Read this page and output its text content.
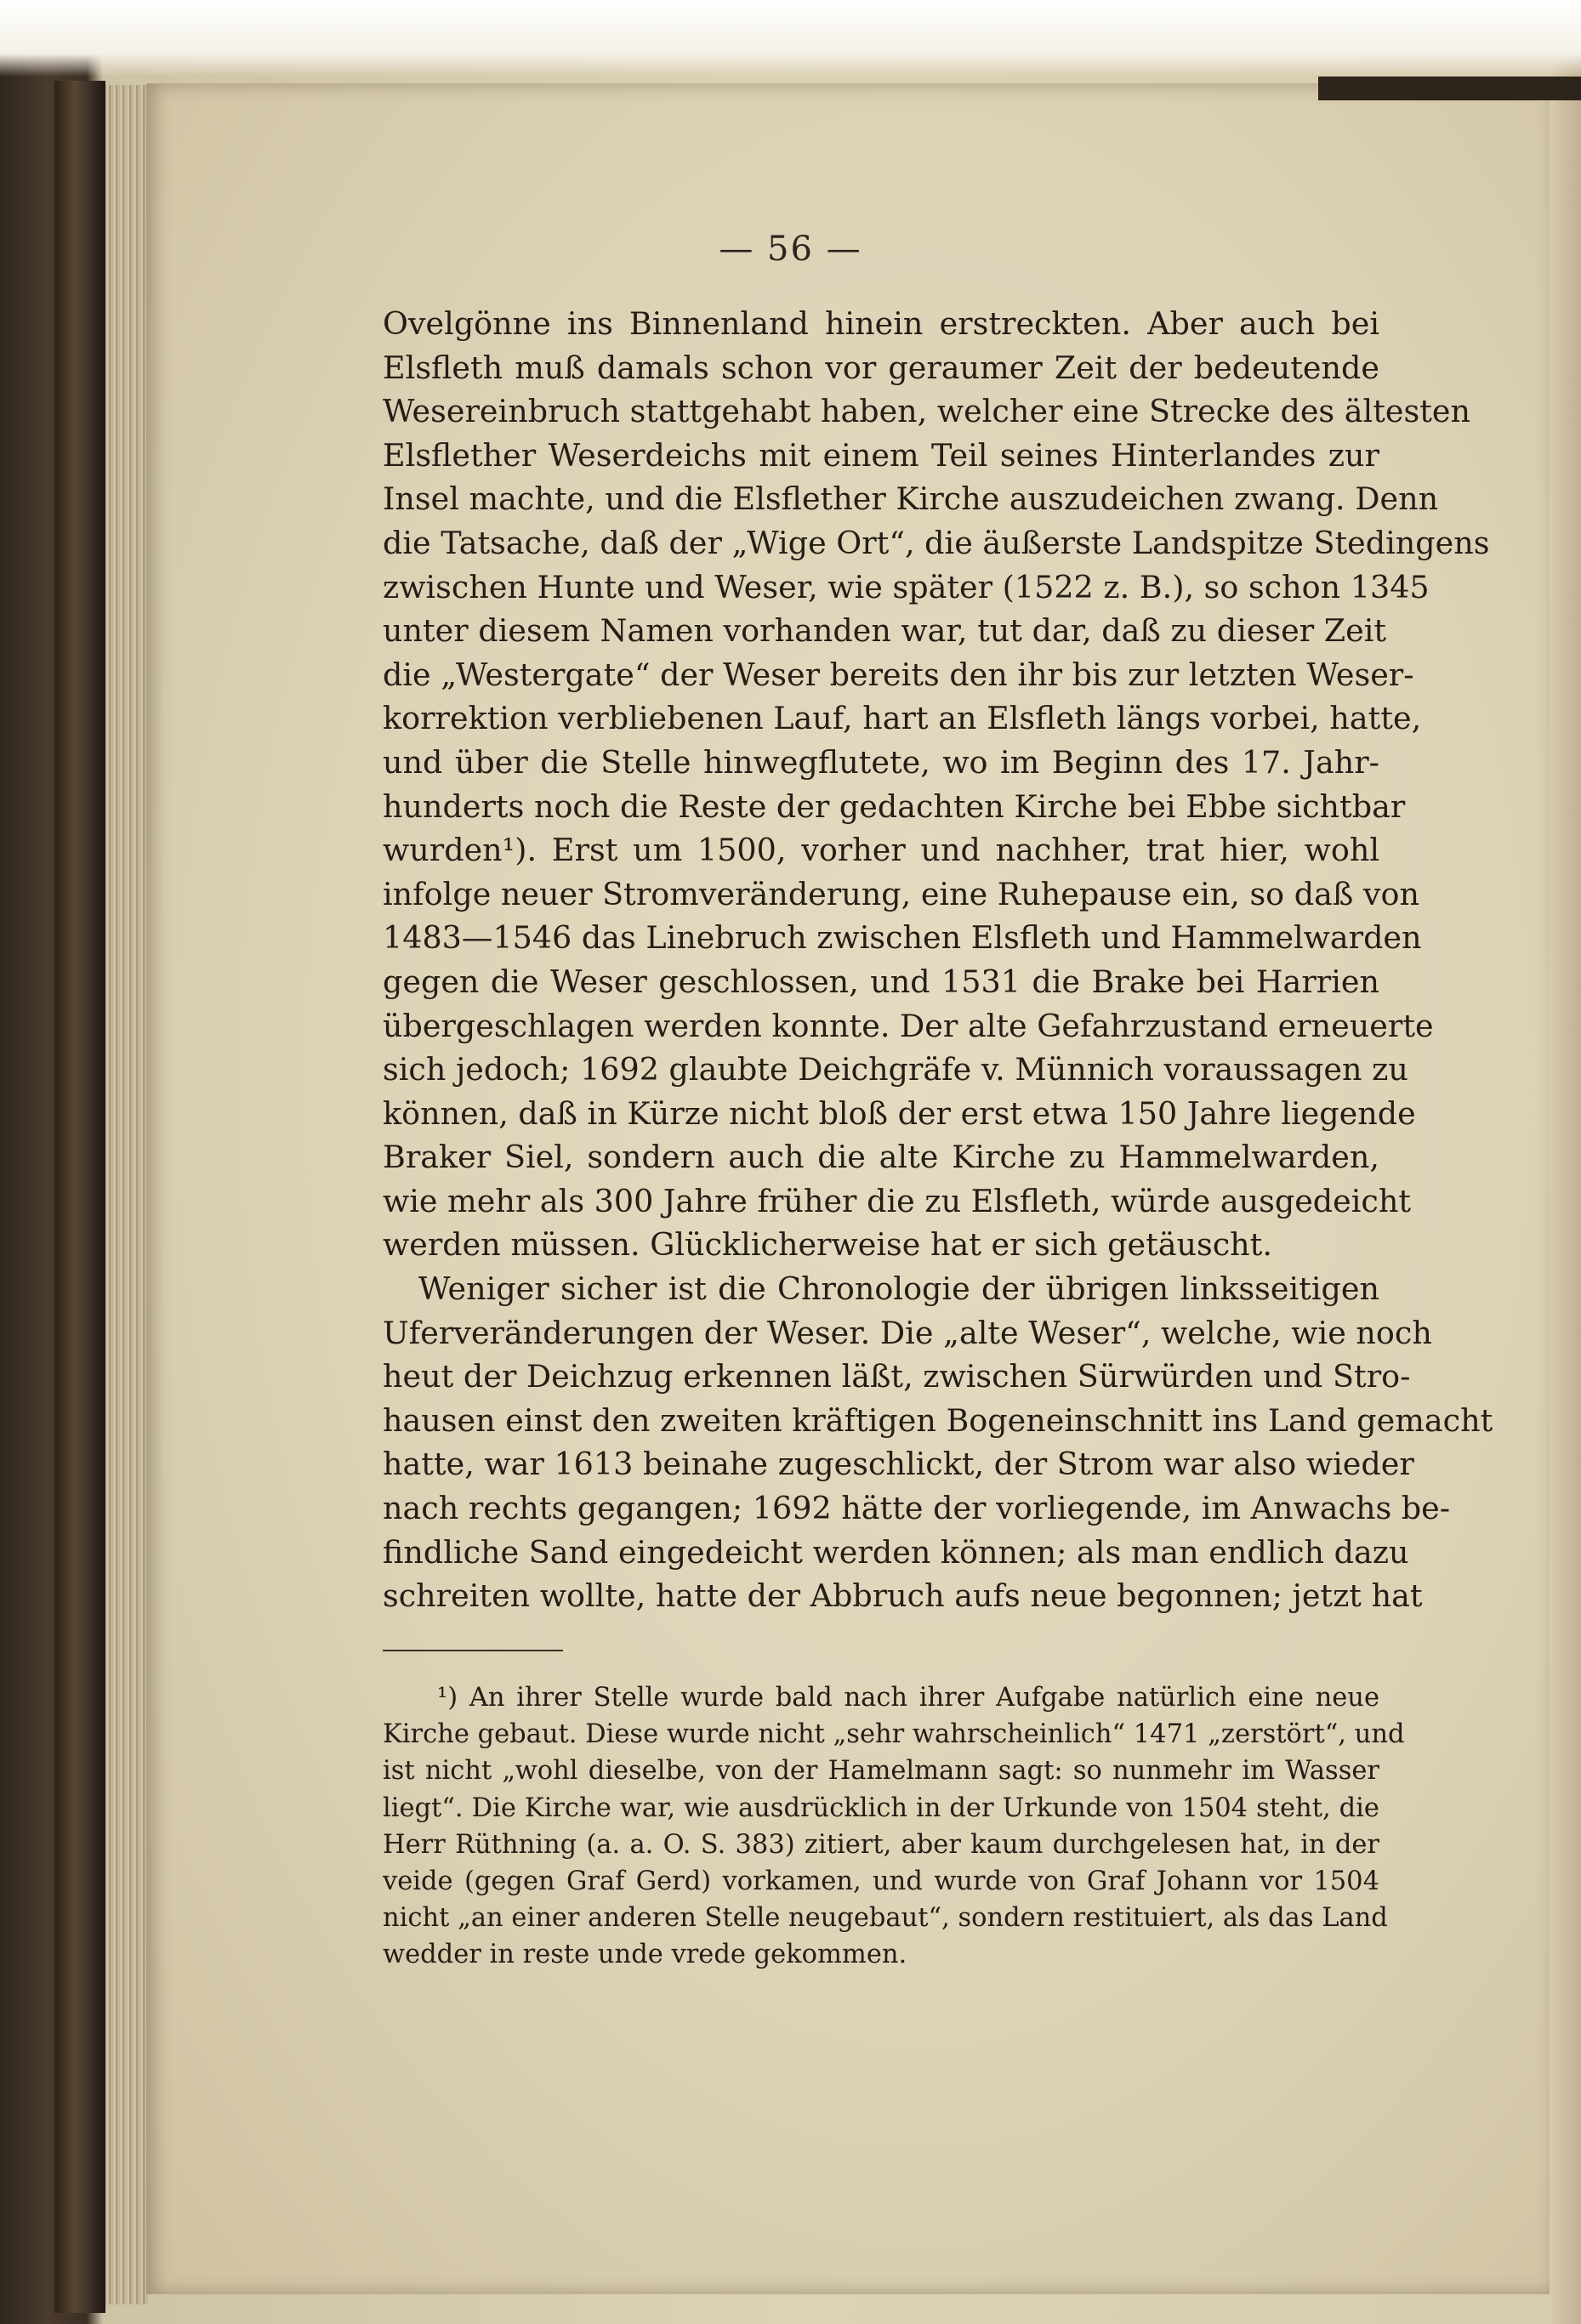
— 56 —
Ovelgönne ins Binnenland hinein erstreckten. Aber auch bei
Elsfleth muß damals schon vor geraumer Zeit der bedeutende
Wesereinbruch stattgehabt haben, welcher eine Strecke des ältesten
Elsflether Weserdeichs mit einem Teil seines Hinterlandes zur
Insel machte, und die Elsflether Kirche auszudeichen zwang. Denn
die Tatsache, daß der „Wige Ort“, die äußerste Landspitze Stedingens
zwischen Hunte und Weser, wie später (1522 z. B.), so schon 1345
unter diesem Namen vorhanden war, tut dar, daß zu dieser Zeit
die „Westergate“ der Weser bereits den ihr bis zur letzten Weser-
korrektion verbliebenen Lauf, hart an Elsfleth längs vorbei, hatte,
und über die Stelle hinwegflutete, wo im Beginn des 17. Jahr-
hunderts noch die Reste der gedachten Kirche bei Ebbe sichtbar
wurden¹). Erst um 1500, vorher und nachher, trat hier, wohl
infolge neuer Stromveränderung, eine Ruhepause ein, so daß von
1483—1546 das Linebruch zwischen Elsfleth und Hammelwarden
gegen die Weser geschlossen, und 1531 die Brake bei Harrien
übergeschlagen werden konnte. Der alte Gefahrzustand erneuerte
sich jedoch; 1692 glaubte Deichgräfe v. Münnich voraussagen zu
können, daß in Kürze nicht bloß der erst etwa 150 Jahre liegende
Braker Siel, sondern auch die alte Kirche zu Hammelwarden,
wie mehr als 300 Jahre früher die zu Elsfleth, würde ausgedeicht
werden müssen. Glücklicherweise hat er sich getäuscht.
Weniger sicher ist die Chronologie der übrigen linksseitigen
Uferveränderungen der Weser. Die „alte Weser“, welche, wie noch
heut der Deichzug erkennen läßt, zwischen Sürwürden und Stro-
hausen einst den zweiten kräftigen Bogeneinschnitt ins Land gemacht
hatte, war 1613 beinahe zugeschlickt, der Strom war also wieder
nach rechts gegangen; 1692 hätte der vorliegende, im Anwachs be-
findliche Sand eingedeicht werden können; als man endlich dazu
schreiten wollte, hatte der Abbruch aufs neue begonnen; jetzt hat
¹) An ihrer Stelle wurde bald nach ihrer Aufgabe natürlich eine neue
Kirche gebaut. Diese wurde nicht „sehr wahrscheinlich“ 1471 „zerstört“, und
ist nicht „wohl dieselbe, von der Hamelmann sagt: so nunmehr im Wasser
liegt“. Die Kirche war, wie ausdrücklich in der Urkunde von 1504 steht, die
Herr Rüthning (a. a. O. S. 383) zitiert, aber kaum durchgelesen hat, in der
veide (gegen Graf Gerd) vorkamen, und wurde von Graf Johann vor 1504
nicht „an einer anderen Stelle neugebaut“, sondern restituiert, als das Land
wedder in reste unde vrede gekommen.
